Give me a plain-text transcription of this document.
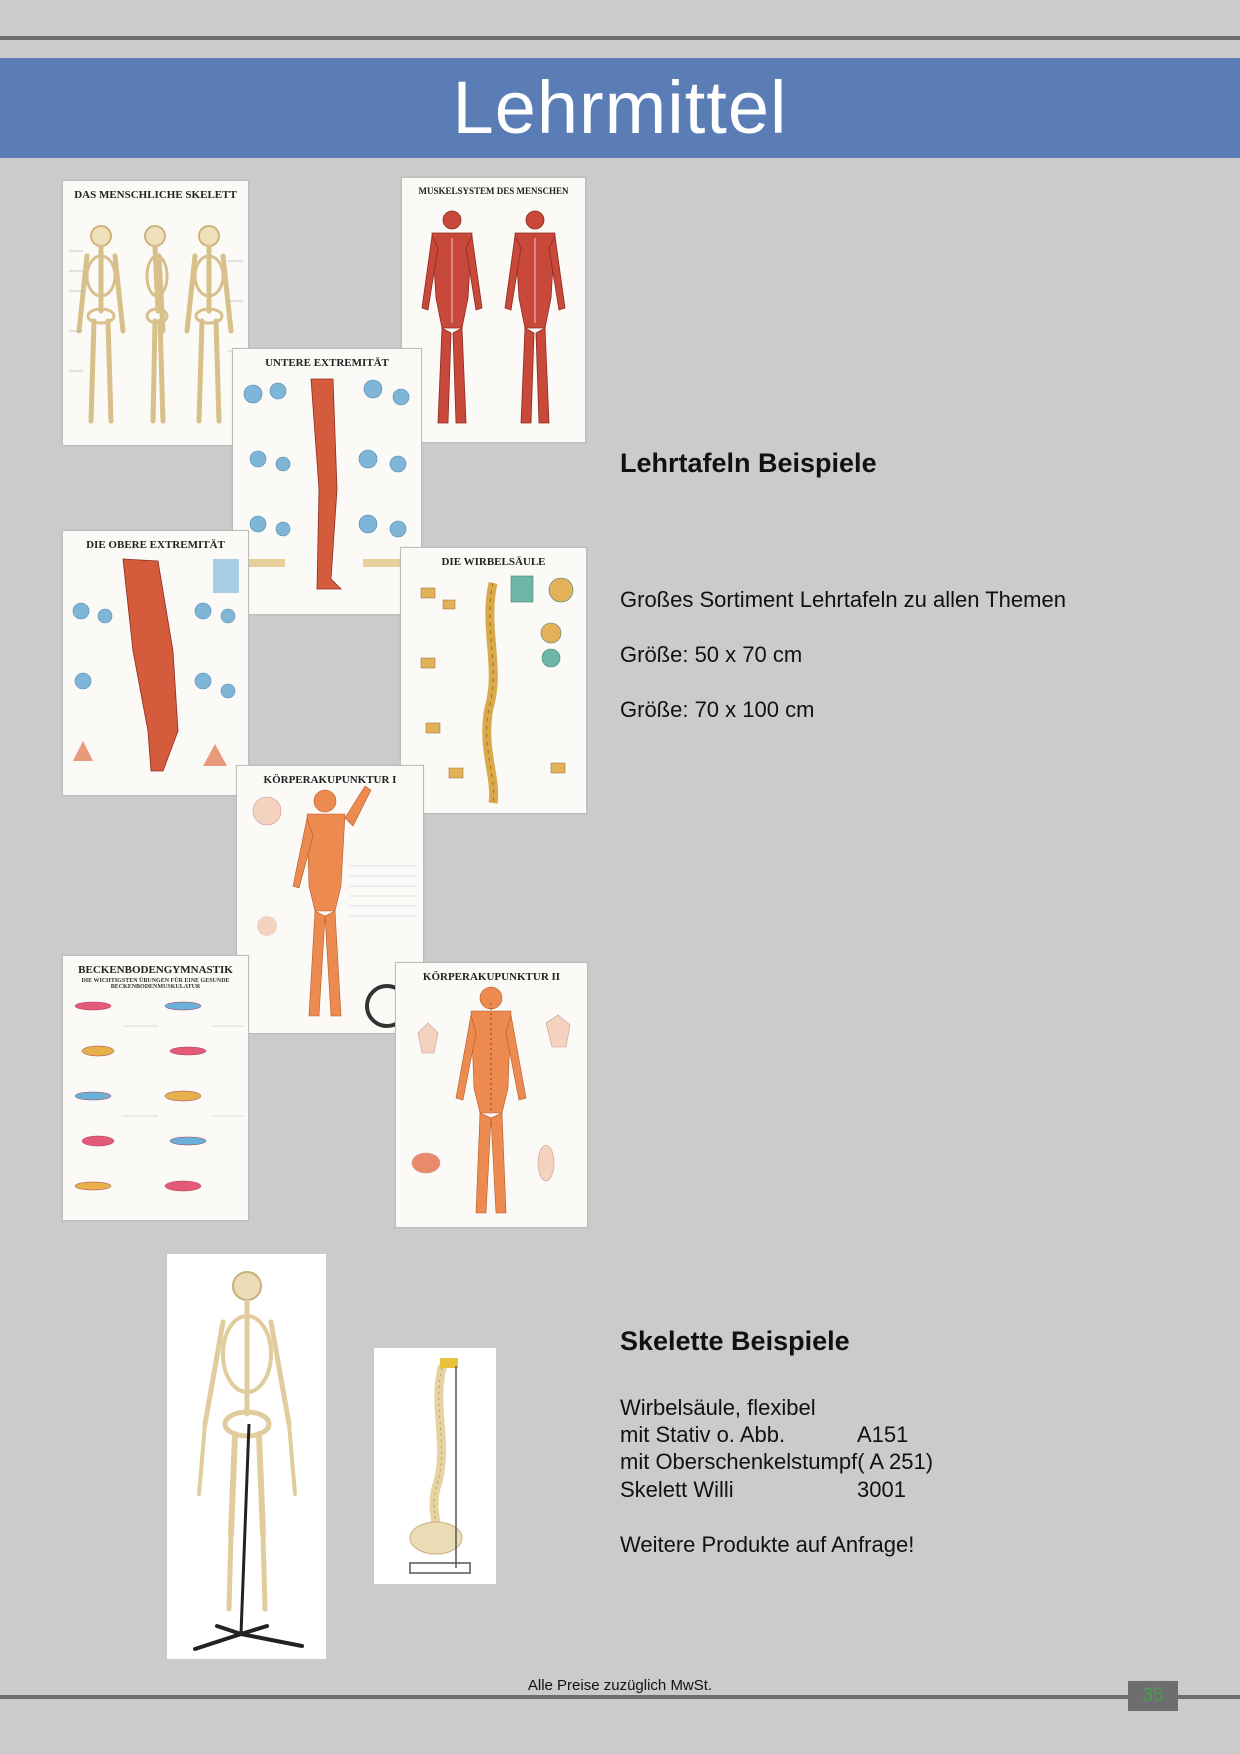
Lehrmittel
DAS MENSCHLICHE SKELETT	MUSKELSYSTEM DES MENSCHEN
UNTERE EXTREMITÄT
DIE OBERE EXTREMITÄT
DIE WIRBELSÄULE
KÖRPERAKUPUNKTUR I
BECKENBODENGYMNASTIK
DIE WICHTIGSTEN ÜBUNGEN FÜR EINE GESUNDE BECKENBODENMUSKULATUR
KÖRPERAKUPUNKTUR II
Lehrtafeln Beispiele
Großes Sortiment Lehrtafeln zu allen Themen
Größe: 50 x 70 cm
Größe: 70 x 100 cm
Skelette Beispiele
Wirbelsäule, flexibel
mit Stativ o. Abb.	A151
mit Oberschenkelstumpf( A 251)
Skelett Willi	3001
Weitere Produkte auf Anfrage!
Alle Preise zuzüglich MwSt.	35
